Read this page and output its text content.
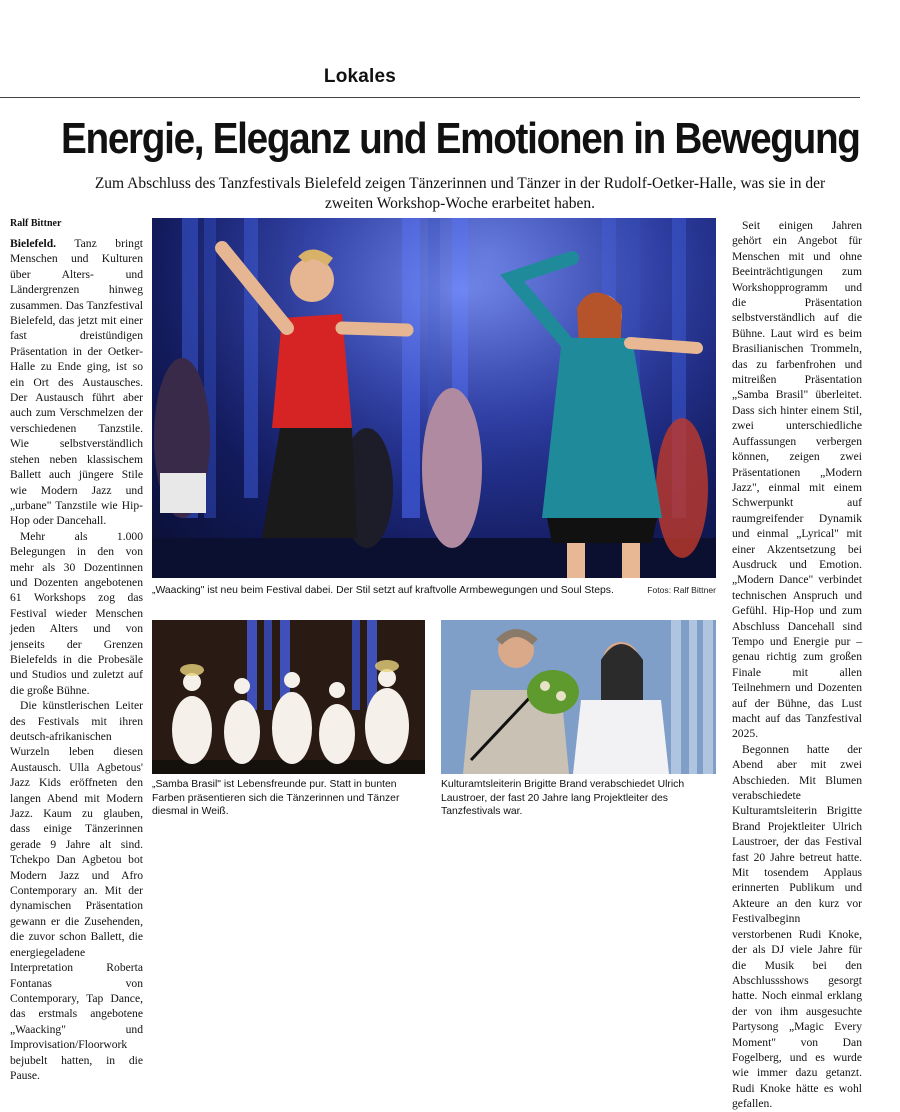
Lokales
Energie, Eleganz und Emotionen in Bewegung
Zum Abschluss des Tanzfestivals Bielefeld zeigen Tänzerinnen und Tänzer in der Rudolf-Oetker-Halle, was sie in der zweiten Workshop-Woche erarbeitet haben.
Ralf Bittner

Bielefeld. Tanz bringt Menschen und Kulturen über Alters- und Ländergrenzen hinweg zusammen. Das Tanzfestival Bielefeld, das jetzt mit einer fast dreistündigen Präsentation in der Oetker-Halle zu Ende ging, ist so ein Ort des Austausches. Der Austausch führt aber auch zum Verschmelzen der verschiedenen Tanzstile. Wie selbstverständlich stehen neben klassischem Ballett auch jüngere Stile wie Modern Jazz und „urbane" Tanzstile wie Hip-Hop oder Dancehall.

Mehr als 1.000 Belegungen in den von mehr als 30 Dozentinnen und Dozenten angebotenen 61 Workshops zog das Festival wieder Menschen jeden Alters und von jenseits der Grenzen Bielefelds in die Probesäle und Studios und zuletzt auf die große Bühne.

Die künstlerischen Leiter des Festivals mit ihren deutsch-afrikanischen Wurzeln leben diesen Austausch. Ulla Agbetous' Jazz Kids eröffneten den langen Abend mit Modern Jazz. Kaum zu glauben, dass einige Tänzerinnen gerade 9 Jahre alt sind. Tchekpo Dan Agbetou bot Modern Jazz und Afro Contemporary an. Mit der dynamischen Präsentation gewann er die Zusehenden, die zuvor schon Ballett, die energiegeladene Interpretation Roberta Fontanas von Contemporary, Tap Dance, das erstmals angebotene „Waacking" und Improvisation/Floorwork bejubelt hatten, in die Pause.

„Waacking" ist neu beim Festival dabei. Der Stil setzt auf kraftvolle Armbewegungen und Soul Steps.	Fotos: Ralf Bittner
„Samba Brasil" ist Lebensfreunde pur. Statt in bunten Farben präsentieren sich die Tänzerinnen und Tänzer diesmal in Weiß.
Kulturamtsleiterin Brigitte Brand verabschiedet Ulrich Laustroer, der fast 20 Jahre lang Projektleiter des Tanzfestivals war.

Seit einigen Jahren gehört ein Angebot für Menschen mit und ohne Beeinträchtigungen zum Workshopprogramm und die Präsentation selbstverständlich auf die Bühne. Laut wird es beim Brasilianischen Trommeln, das zu farbenfrohen und mitreißen Präsentation „Samba Brasil" überleitet. Dass sich hinter einem Stil, zwei unterschiedliche Auffassungen verbergen können, zeigen zwei Präsentationen „Modern Jazz", einmal mit einem Schwerpunkt auf raumgreifender Dynamik und einmal „Lyrical" mit einer Akzentsetzung bei Ausdruck und Emotion. „Modern Dance" verbindet technischen Anspruch und Gefühl. Hip-Hop und zum Abschluss Dancehall sind Tempo und Energie pur – genau richtig zum großen Finale mit allen Teilnehmern und Dozenten auf der Bühne, das Lust macht auf das Tanzfestival 2025.

Begonnen hatte der Abend aber mit zwei Abschieden. Mit Blumen verabschiedete Kulturamtsleiterin Brigitte Brand Projektleiter Ulrich Laustroer, der das Festival fast 20 Jahre betreut hatte. Mit tosendem Applaus erinnerten Publikum und Akteure an den kurz vor Festivalbeginn verstorbenen Rudi Knoke, der als DJ viele Jahre für die Musik bei den Abschlussshows gesorgt hatte. Noch einmal erklang der von ihm ausgesuchte Partysong „Magic Every Moment" von Dan Fogelberg, und es wurde wie immer dazu getanzt. Rudi Knoke hätte es wohl gefallen.
